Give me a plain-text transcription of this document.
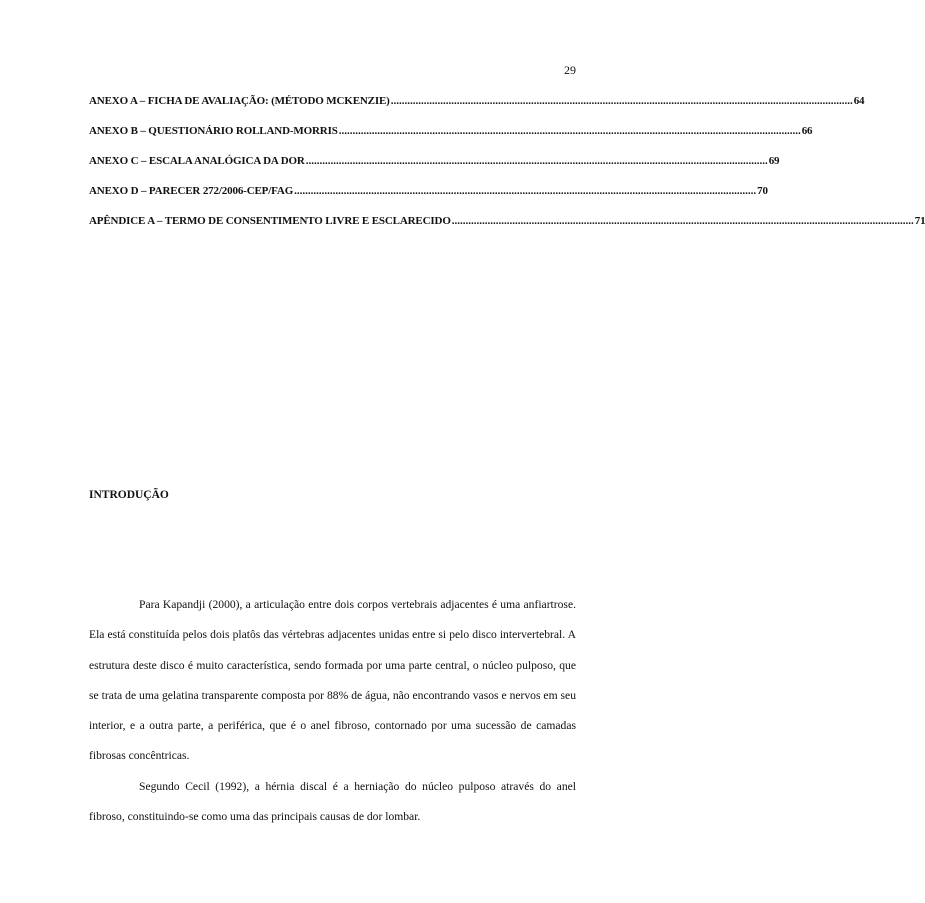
29

ANEXO A – FICHA DE AVALIAÇÃO: (MÉTODO MCKENZIE) ........................................................................................................................................................................ 64
ANEXO B – QUESTIONÁRIO ROLLAND-MORRIS ........................................................................................................................................................................ 66
ANEXO C – ESCALA ANALÓGICA DA DOR ........................................................................................................................................................................ 69
ANEXO D – PARECER 272/2006-CEP/FAG ........................................................................................................................................................................ 70
APÊNDICE A – TERMO DE CONSENTIMENTO LIVRE E ESCLARECIDO ........................................................................................................................................................................ 71
INTRODUÇÃO

Para Kapandji (2000), a articulação entre dois corpos vertebrais adjacentes é uma anfiartrose. Ela está constituída pelos dois platôs das vértebras adjacentes unidas entre si pelo disco intervertebral. A estrutura deste disco é muito característica, sendo formada por uma parte central, o núcleo pulposo, que se trata de uma gelatina transparente composta por 88% de água, não encontrando vasos e nervos em seu interior, e a outra parte, a periférica, que é o anel fibroso, contornado por uma sucessão de camadas fibrosas concêntricas.

Segundo Cecil (1992), a hérnia discal é a herniação do núcleo pulposo através do anel fibroso, constituindo-se como uma das principais causas de dor lombar.
